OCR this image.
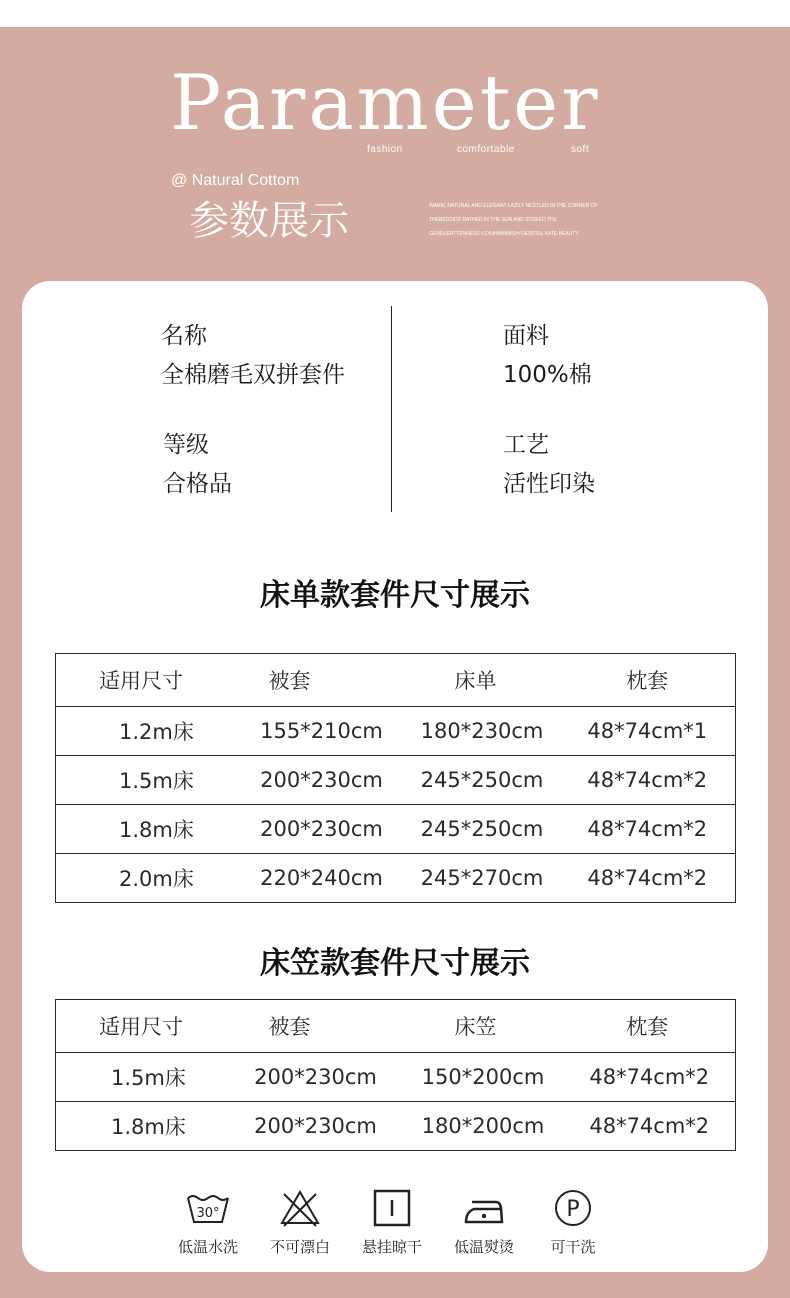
Parameter
fashion	comfortable	soft
@ Natural Cottom
参数展示	WARM, NATURAL AND ELEGANT LAZILY NESTLED IN THE CORNER OF
THEBEDSIDD BATHED IN THE SUN AND STOKED THE
GENDLERTTENNESS ILDINHMIMMISH DESITSIL KATE BEAUTY

名称

全棉磨毛双拼套件

面料

100%棉

等级

合格品

工艺

活性印染

床单款套件尺寸展示
适用尺寸	被套	床单	枕套
1.2m床	155*210cm	180*230cm	48*74cm*1
1.5m床	200*230cm	245*250cm	48*74cm*2
1.8m床	200*230cm	245*250cm	48*74cm*2
2.0m床	220*240cm	245*270cm	48*74cm*2
床笠款套件尺寸展示
适用尺寸	被套	床笠	枕套
1.5m床	200*230cm	150*200cm	48*74cm*2
1.8m床	200*230cm	180*200cm	48*74cm*2
30°
低温水洗	不可漂白	悬挂晾干	低温熨烫
P
可干洗
